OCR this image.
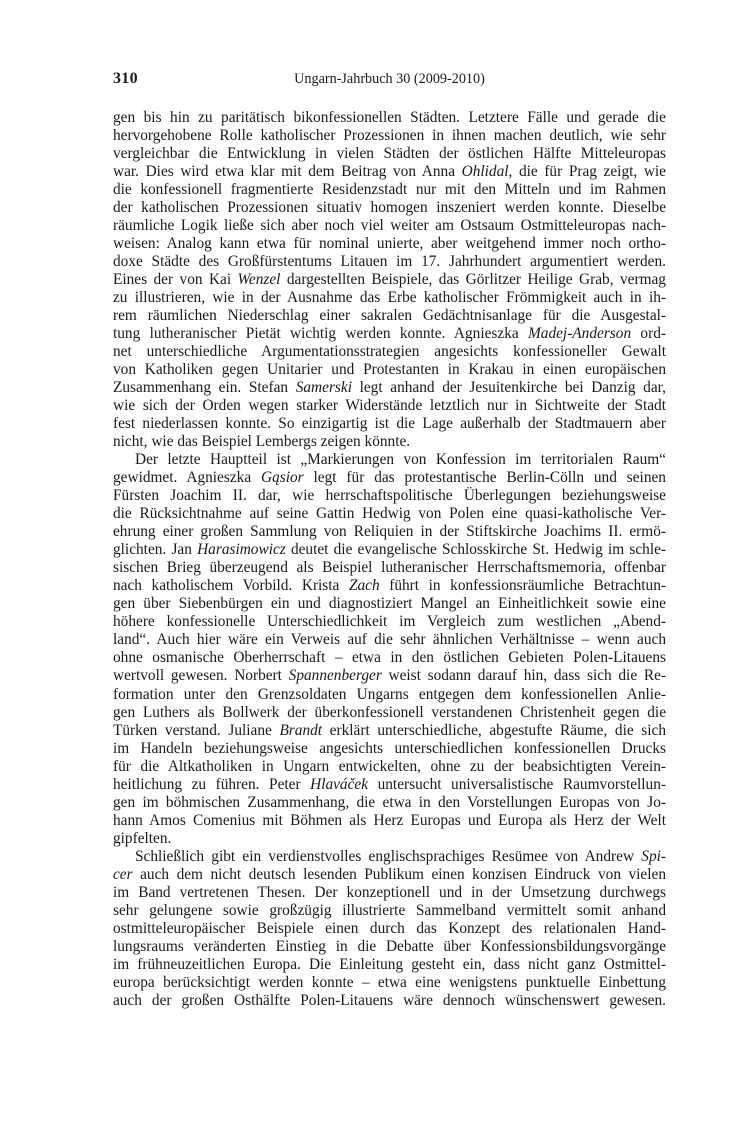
310	Ungarn-Jahrbuch 30 (2009-2010)
gen bis hin zu paritätisch bikonfessionellen Städten. Letztere Fälle und gerade die
hervorgehobene Rolle katholischer Prozessionen in ihnen machen deutlich, wie sehr
vergleichbar die Entwicklung in vielen Städten der östlichen Hälfte Mitteleuropas
war. Dies wird etwa klar mit dem Beitrag von Anna Ohlidal, die für Prag zeigt, wie
die konfessionell fragmentierte Residenzstadt nur mit den Mitteln und im Rahmen
der katholischen Prozessionen situativ homogen inszeniert werden konnte. Dieselbe
räumliche Logik ließe sich aber noch viel weiter am Ostsaum Ostmitteleuropas nach-
weisen: Analog kann etwa für nominal unierte, aber weitgehend immer noch ortho-
doxe Städte des Großfürstentums Litauen im 17. Jahrhundert argumentiert werden.
Eines der von Kai Wenzel dargestellten Beispiele, das Görlitzer Heilige Grab, vermag
zu illustrieren, wie in der Ausnahme das Erbe katholischer Frömmigkeit auch in ih-
rem räumlichen Niederschlag einer sakralen Gedächtnisanlage für die Ausgestal-
tung lutheranischer Pietät wichtig werden konnte. Agnieszka Madej-Anderson ord-
net unterschiedliche Argumentationsstrategien angesichts konfessioneller Gewalt
von Katholiken gegen Unitarier und Protestanten in Krakau in einen europäischen
Zusammenhang ein. Stefan Samerski legt anhand der Jesuitenkirche bei Danzig dar,
wie sich der Orden wegen starker Widerstände letztlich nur in Sichtweite der Stadt
fest niederlassen konnte. So einzigartig ist die Lage außerhalb der Stadtmauern aber
nicht, wie das Beispiel Lembergs zeigen könnte.
Der letzte Hauptteil ist „Markierungen von Konfession im territorialen Raum“
gewidmet. Agnieszka Gąsior legt für das protestantische Berlin-Cölln und seinen
Fürsten Joachim II. dar, wie herrschaftspolitische Überlegungen beziehungsweise
die Rücksichtnahme auf seine Gattin Hedwig von Polen eine quasi-katholische Ver-
ehrung einer großen Sammlung von Reliquien in der Stiftskirche Joachims II. ermö-
glichten. Jan Harasimowicz deutet die evangelische Schlosskirche St. Hedwig im schle-
sischen Brieg überzeugend als Beispiel lutheranischer Herrschaftsmemoria, offenbar
nach katholischem Vorbild. Krista Zach führt in konfessionsräumliche Betrachtun-
gen über Siebenbürgen ein und diagnostiziert Mangel an Einheitlichkeit sowie eine
höhere konfessionelle Unterschiedlichkeit im Vergleich zum westlichen „Abend-
land“. Auch hier wäre ein Verweis auf die sehr ähnlichen Verhältnisse – wenn auch
ohne osmanische Oberherrschaft – etwa in den östlichen Gebieten Polen-Litauens
wertvoll gewesen. Norbert Spannenberger weist sodann darauf hin, dass sich die Re-
formation unter den Grenzsoldaten Ungarns entgegen dem konfessionellen Anlie-
gen Luthers als Bollwerk der überkonfessionell verstandenen Christenheit gegen die
Türken verstand. Juliane Brandt erklärt unterschiedliche, abgestufte Räume, die sich
im Handeln beziehungsweise angesichts unterschiedlichen konfessionellen Drucks
für die Altkatholiken in Ungarn entwickelten, ohne zu der beabsichtigten Verein-
heitlichung zu führen. Peter Hlaváček untersucht universalistische Raumvorstellun-
gen im böhmischen Zusammenhang, die etwa in den Vorstellungen Europas von Jo-
hann Amos Comenius mit Böhmen als Herz Europas und Europa als Herz der Welt
gipfelten.
Schließlich gibt ein verdienstvolles englischsprachiges Resümee von Andrew Spi-
cer auch dem nicht deutsch lesenden Publikum einen konzisen Eindruck von vielen
im Band vertretenen Thesen. Der konzeptionell und in der Umsetzung durchwegs
sehr gelungene sowie großzügig illustrierte Sammelband vermittelt somit anhand
ostmitteleuropäischer Beispiele einen durch das Konzept des relationalen Hand-
lungsraums veränderten Einstieg in die Debatte über Konfessionsbildungsvorgänge
im frühneuzeitlichen Europa. Die Einleitung gesteht ein, dass nicht ganz Ostmittel-
europa berücksichtigt werden konnte – etwa eine wenigstens punktuelle Einbettung
auch der großen Osthälfte Polen-Litauens wäre dennoch wünschenswert gewesen.
